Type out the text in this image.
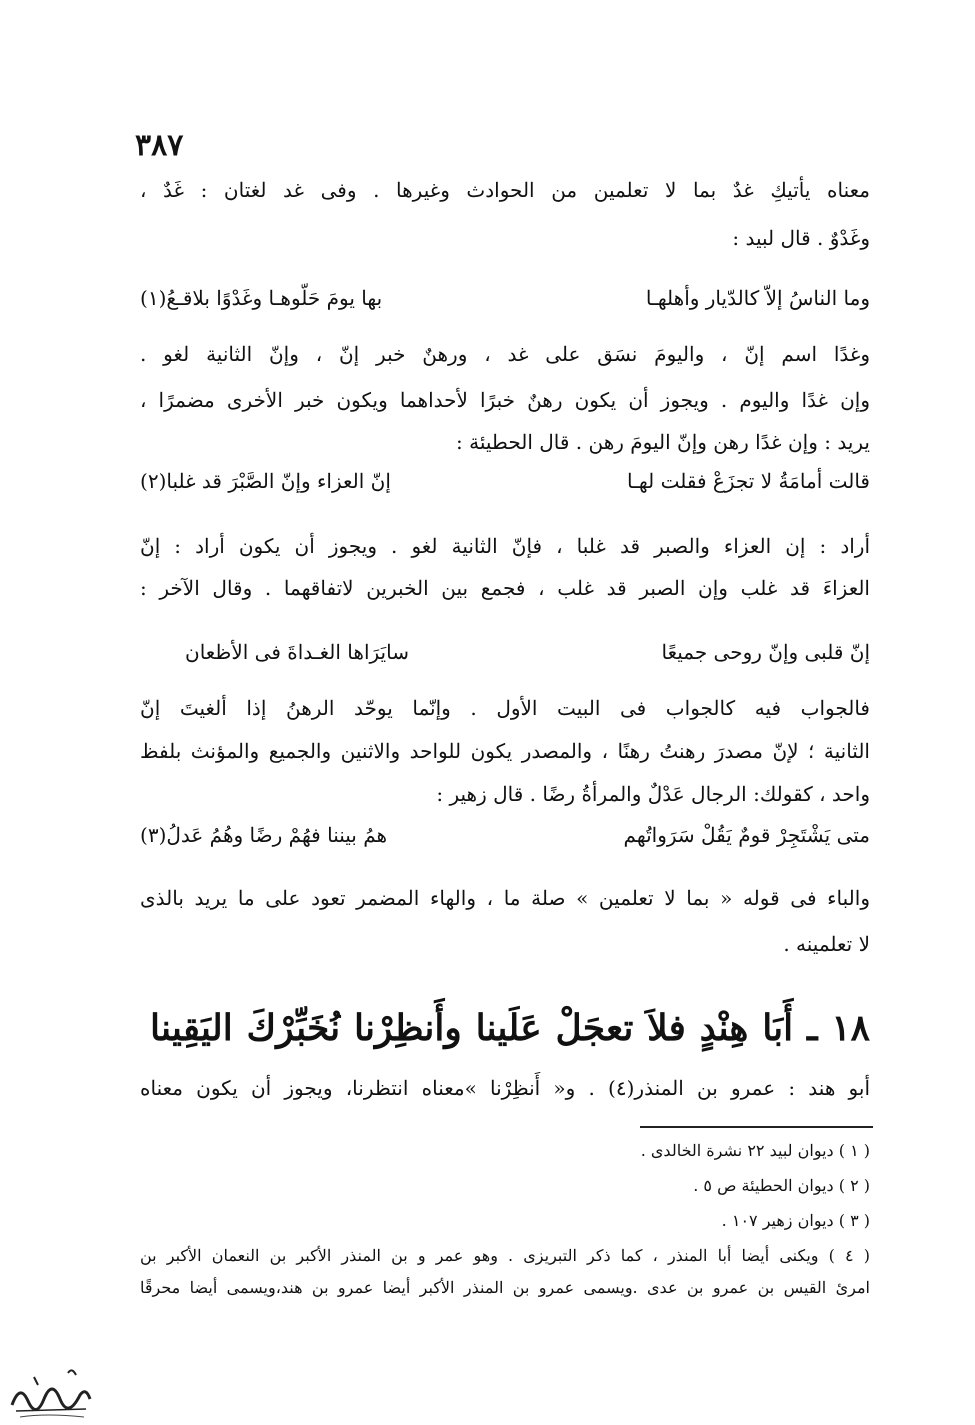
٣٨٧
معناه يأتيكِ غدٌ بما لا تعلمين من الحوادث وغيرها . وفى غد لغتان : غَدٌ ،
وغَدْوٌ . قال لبيد :
وما الناسُ إلاّ كالدّيار وأهلهـا
بها يومَ حَلّوهـا وغَدْوًا بلاقـعُ(١)
وغدًا اسم إنّ ، واليومَ نسَق على غد ، ورهنٌ خبر إنّ ، وإنّ الثانية لغو .
وإن غدًا واليوم . ويجوز أن يكون رهنٌ خبرًا لأحداهما ويكون خبر الأخرى مضمرًا ،
يريد : وإن غدًا رهن وإنّ اليومَ رهن . قال الحطيئة :
قالت أمامَةُ لا تجزَعْ فقلت لهـا
إنّ العزاء وإنّ الصَّبْرَ قد غلبا(٢)
أراد : إن العزاء والصبر قد غلبا ، فإنّ الثانية لغو . ويجوز أن يكون أراد : إنّ
العزاءَ قد غلب وإن الصبر قد غلب ، فجمع بين الخبرين لاتفاقهما . وقال الآخر :
إنّ قلبى وإنّ روحى جميعًا
سايَرَاها الغـداةَ فى الأظعان
فالجواب فيه كالجواب فى البيت الأول . وإنّما يوحّد الرهنُ إذا ألغيتَ إنّ
الثانية ؛ لإنّ مصدرَ رهنتُ رهنًا ، والمصدر يكون للواحد والاثنين والجميع والمؤنث بلفظ
واحد ، كقولك: الرجال عَدْلٌ والمرأةُ رضًا . قال زهير :
متى يَشْتَجِرْ قومٌ يَقُلْ سَرَواتُهم
همُ بيننا فهُمْ رضًا وهُمُ عَدلُ(٣)
والباء فى قوله « بما لا تعلمين » صلة ما ، والهاء المضمر تعود على ما يريد بالذى
لا تعلمينه .
١٨ ـ أَبَا هِنْدٍ فلاَ تعجَلْ عَلَينا وأَنظِرْنا نُخَبِّرْكَ اليَقِينا
أبو هند : عمرو بن المنذر(٤) . و« أَنظِرْنا »معناه انتظرنا، ويجوز أن يكون معناه
( ١ ) ديوان لبيد ٢٢ نشرة الخالدى .
( ٢ ) ديوان الحطيئة ص ٥ .
( ٣ ) ديوان زهير ١٠٧ .
( ٤ ) ويكنى أيضا أبا المنذر ، كما ذكر التبريزى . وهو عمر و بن المنذر الأكبر بن النعمان الأكبر بن
امرئ القيس بن عمرو بن عدى .ويسمى عمرو بن المنذر الأكبر أيضا عمرو بن هند،ويسمى أيضا محرقًا
